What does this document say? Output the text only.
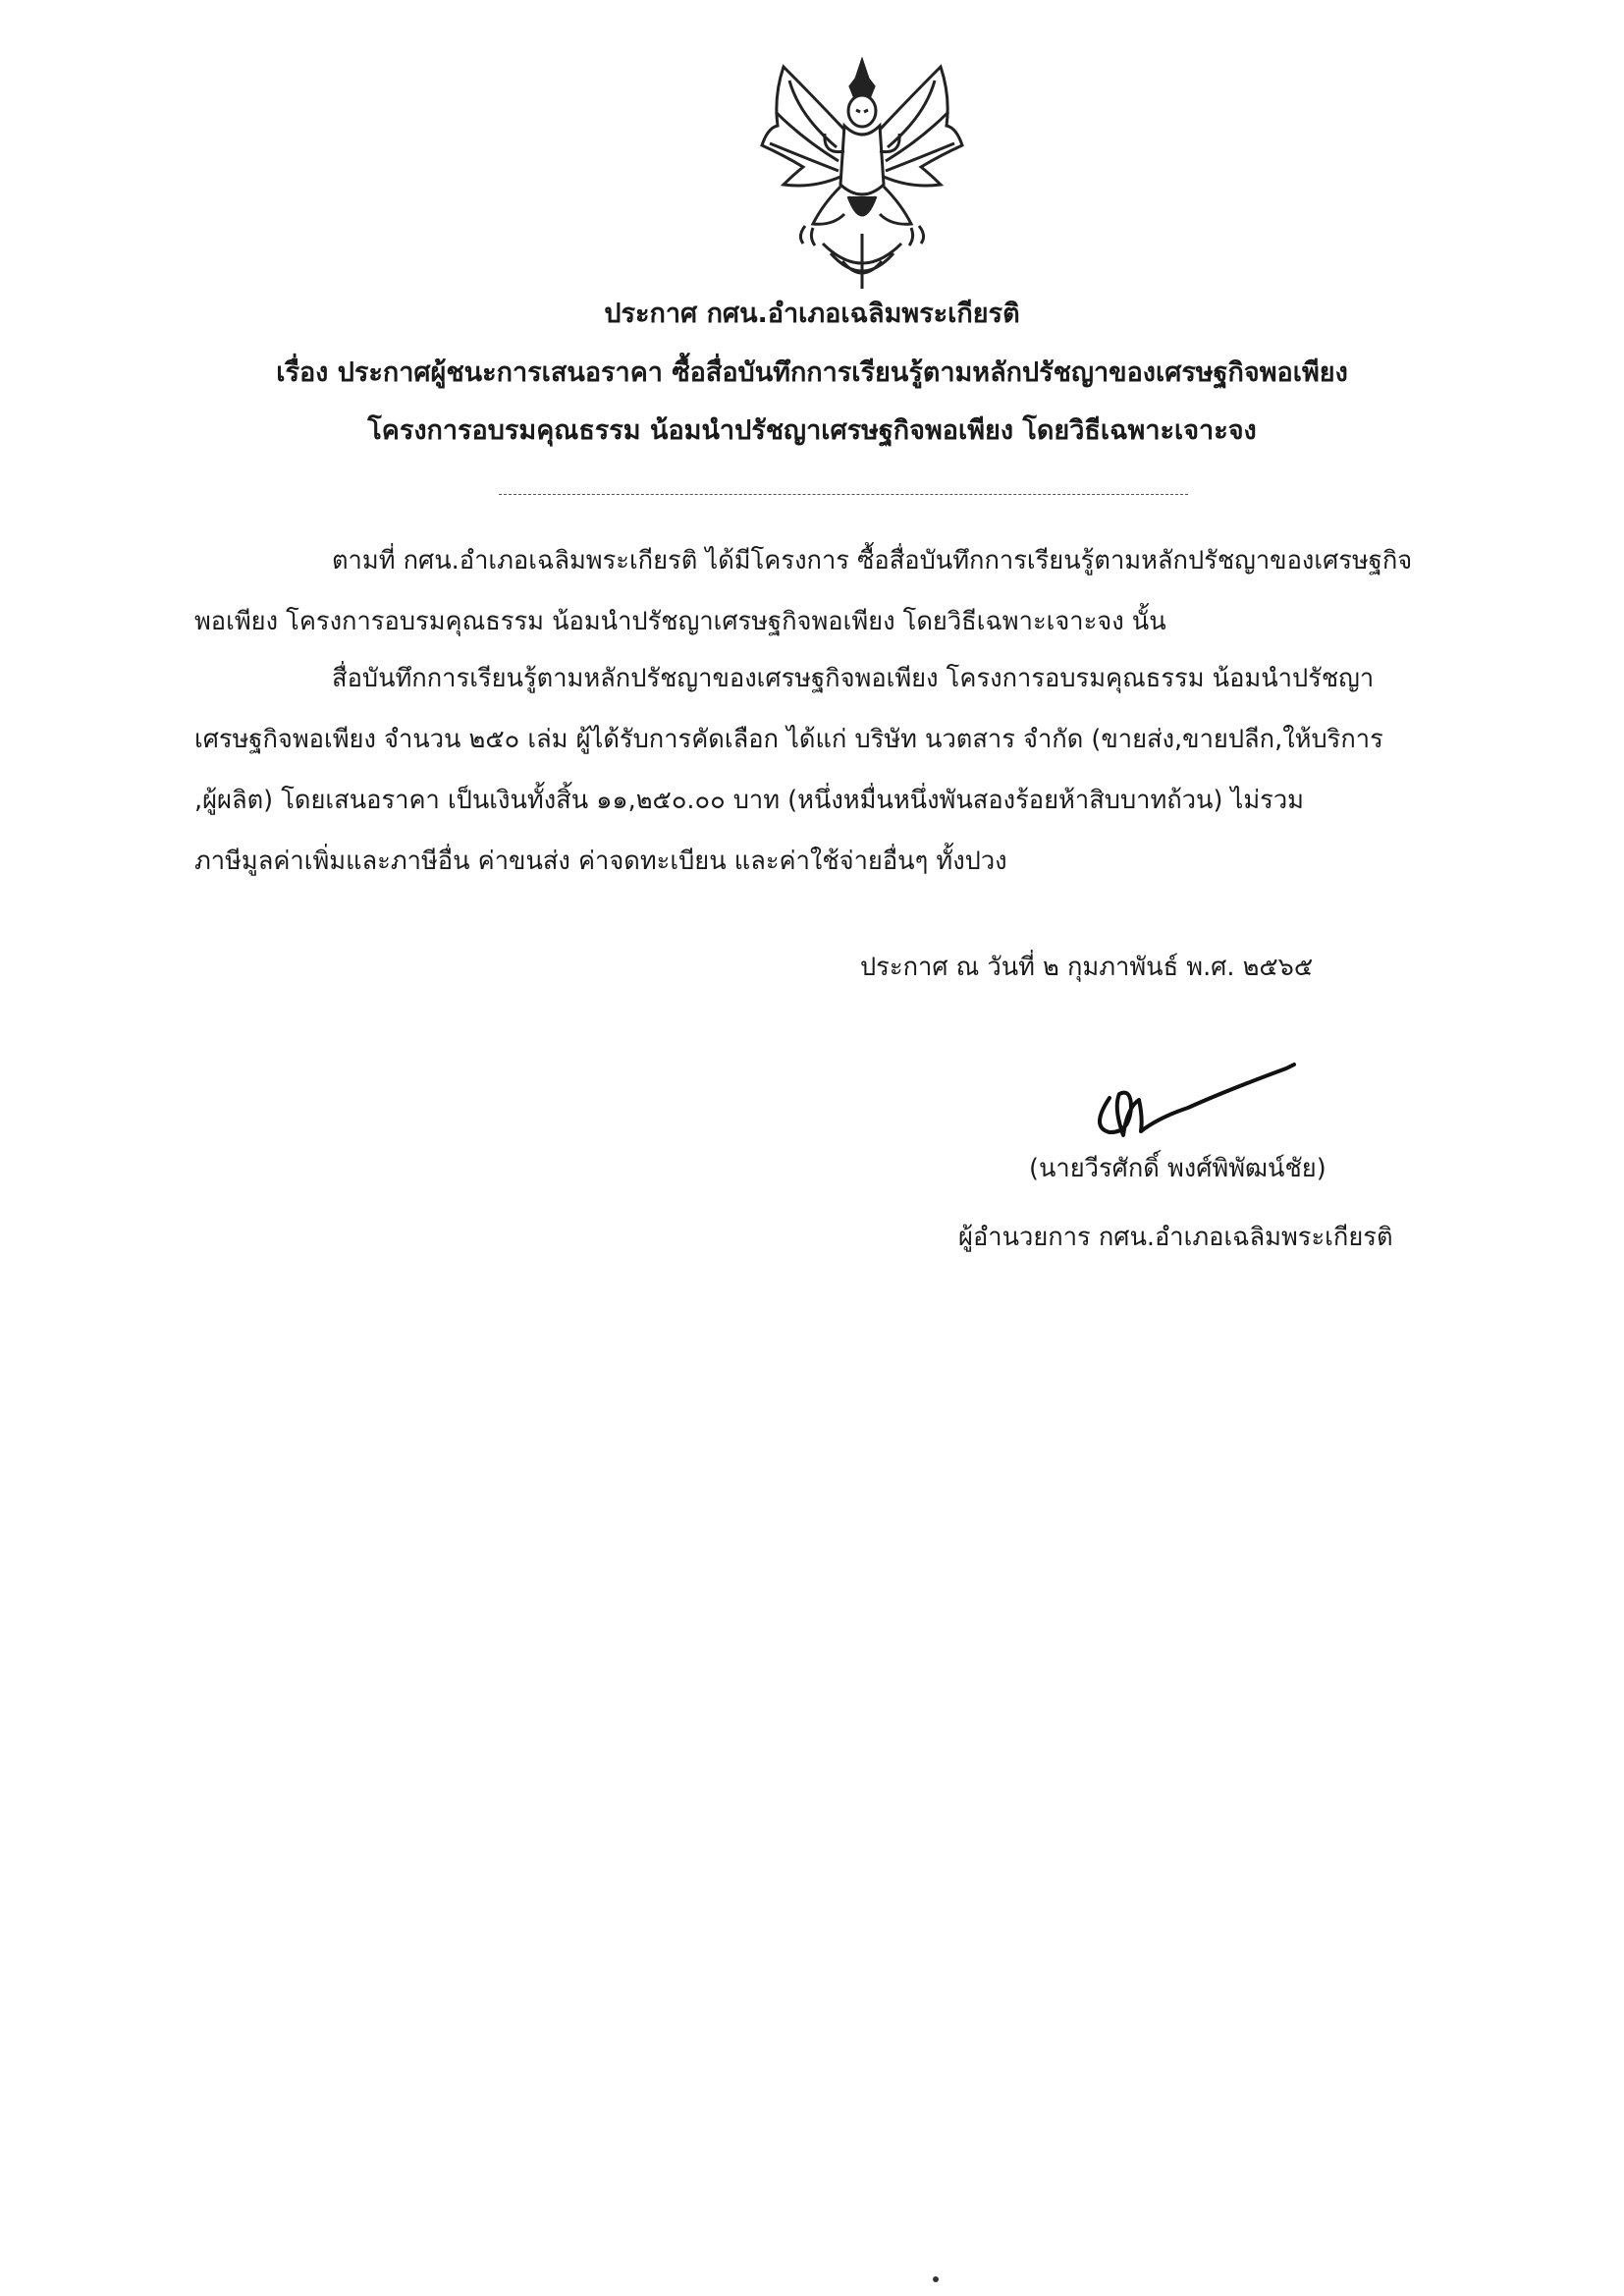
ประกาศ กศน.อำเภอเฉลิมพระเกียรติ
เรื่อง ประกาศผู้ชนะการเสนอราคา ซื้อสื่อบันทึกการเรียนรู้ตามหลักปรัชญาของเศรษฐกิจพอเพียง
โครงการอบรมคุณธรรม น้อมนำปรัชญาเศรษฐกิจพอเพียง โดยวิธีเฉพาะเจาะจง
ตามที่ กศน.อำเภอเฉลิมพระเกียรติ ได้มีโครงการ ซื้อสื่อบันทึกการเรียนรู้ตามหลักปรัชญาของเศรษฐกิจ
พอเพียง โครงการอบรมคุณธรรม น้อมนำปรัชญาเศรษฐกิจพอเพียง โดยวิธีเฉพาะเจาะจง นั้น
สื่อบันทึกการเรียนรู้ตามหลักปรัชญาของเศรษฐกิจพอเพียง โครงการอบรมคุณธรรม น้อมนำปรัชญา
เศรษฐกิจพอเพียง จำนวน ๒๕๐ เล่ม ผู้ได้รับการคัดเลือก ได้แก่ บริษัท นวตสาร จำกัด (ขายส่ง,ขายปลีก,ให้บริการ
,ผู้ผลิต) โดยเสนอราคา เป็นเงินทั้งสิ้น ๑๑,๒๕๐.๐๐ บาท (หนึ่งหมื่นหนึ่งพันสองร้อยห้าสิบบาทถ้วน) ไม่รวม
ภาษีมูลค่าเพิ่มและภาษีอื่น ค่าขนส่ง ค่าจดทะเบียน และค่าใช้จ่ายอื่นๆ ทั้งปวง
ประกาศ ณ วันที่ ๒ กุมภาพันธ์ พ.ศ. ๒๕๖๕
(นายวีรศักดิ์ พงศ์พิพัฒน์ชัย)
ผู้อำนวยการ กศน.อำเภอเฉลิมพระเกียรติ
